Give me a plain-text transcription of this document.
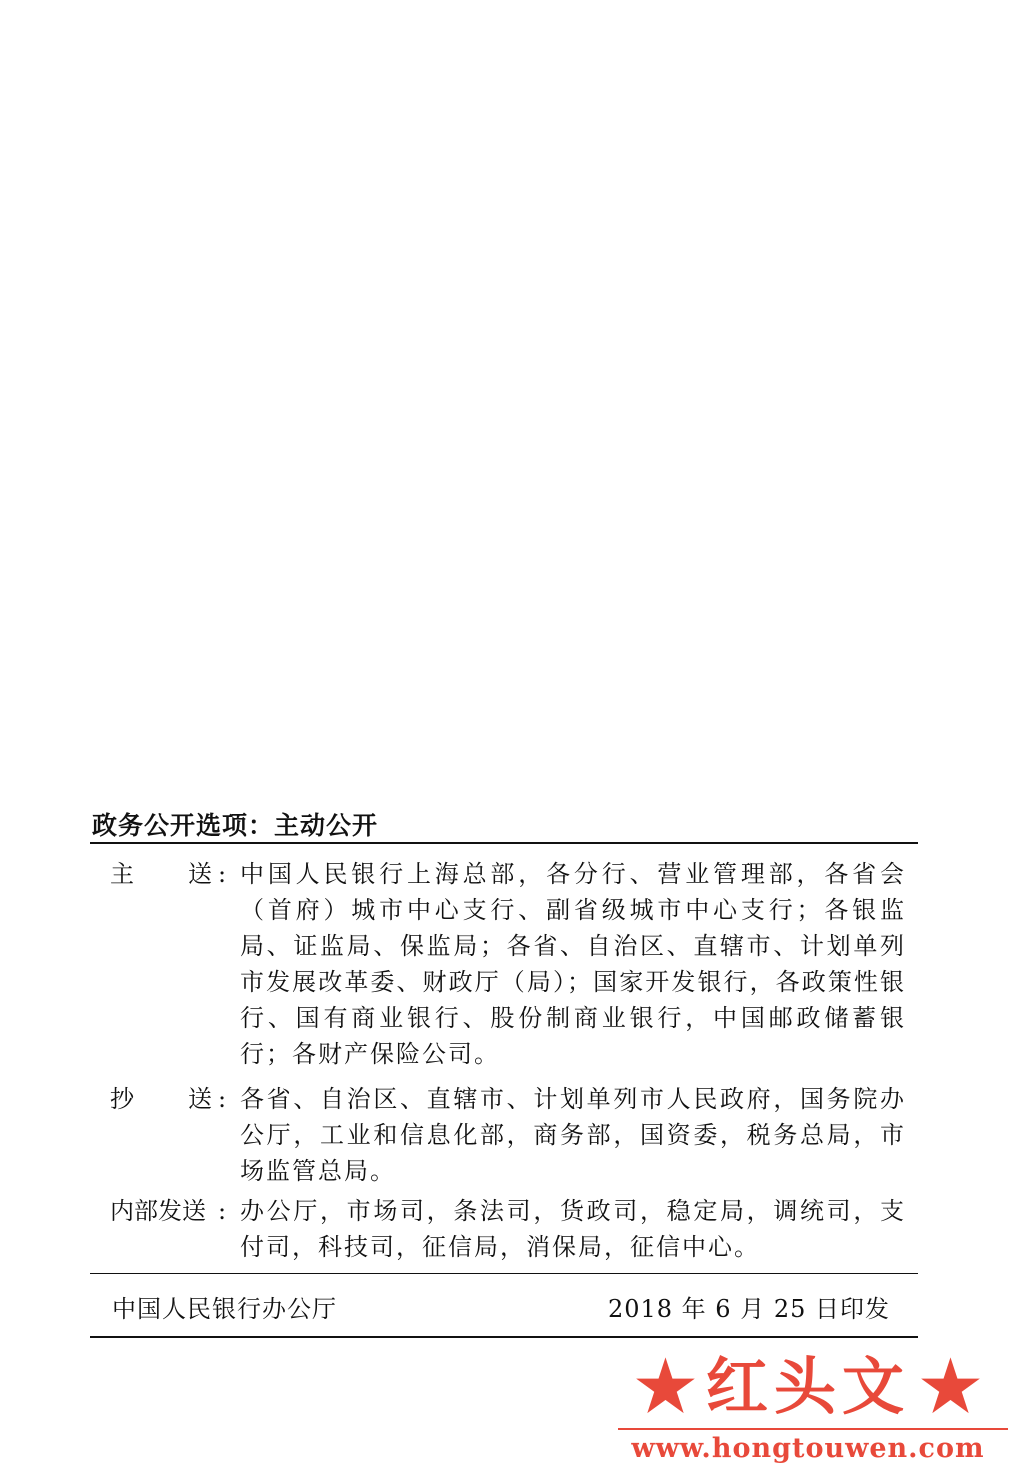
政务公开选项：主动公开
主 送 : 中国人民银行上海总部，各分行、营业管理部，各省会（首府）城市中心支行、副省级城市中心支行；各银监局、证监局、保监局；各省、自治区、直辖市、计划单列市发展改革委、财政厅（局）；国家开发银行，各政策性银行、国有商业银行、股份制商业银行，中国邮政储蓄银行；各财产保险公司。
抄 送 : 各省、自治区、直辖市、计划单列市人民政府，国务院办公厅，工业和信息化部，商务部，国资委，税务总局，市场监管总局。
内部发送 : 办公厅，市场司，条法司，货政司，稳定局，调统司，支付司，科技司，征信局，消保局，征信中心。
中国人民银行办公厅	2018 年 6 月 25 日印发
★ 红头文 ★
www.hongtouwen.com
